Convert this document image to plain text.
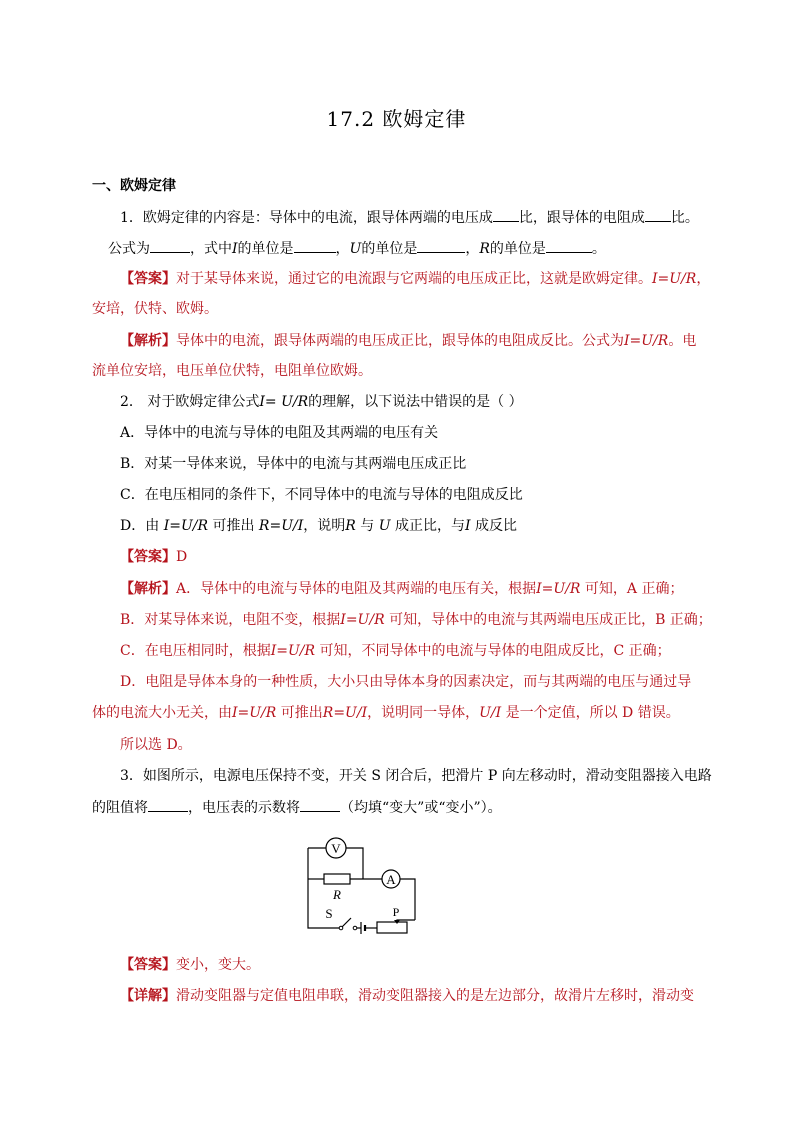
17.2 欧姆定律
一、欧姆定律
1．欧姆定律的内容是：导体中的电流，跟导体两端的电压成 比，跟导体的电阻成 比。
公式为	，式中I的单位是	，U的单位是	，R的单位是	。
【答案】对于某导体来说，通过它的电流跟与它两端的电压成正比，这就是欧姆定律。I=U/R，
安培，伏特、欧姆。
【解析】导体中的电流，跟导体两端的电压成正比，跟导体的电阻成反比。公式为I=U/R。电
流单位安培，电压单位伏特，电阻单位欧姆。
2． 对于欧姆定律公式I= U/R的理解，以下说法中错误的是（ ）
A．导体中的电流与导体的电阻及其两端的电压有关
B．对某一导体来说，导体中的电流与其两端电压成正比
C．在电压相同的条件下，不同导体中的电流与导体的电阻成反比
D．由 I=U/R 可推出 R=U/I，说明R 与 U 成正比，与I 成反比
【答案】D
【解析】A．导体中的电流与导体的电阻及其两端的电压有关，根据I=U/R 可知，A 正确；
B．对某导体来说，电阻不变，根据I=U/R 可知，导体中的电流与其两端电压成正比，B 正确；
C．在电压相同时，根据I=U/R 可知，不同导体中的电流与导体的电阻成反比，C 正确；
D．电阻是导体本身的一种性质，大小只由导体本身的因素决定，而与其两端的电压与通过导
体的电流大小无关，由I=U/R 可推出R=U/I，说明同一导体，U/I 是一个定值，所以 D 错误。
所以选 D。
3．如图所示，电源电压保持不变，开关 S 闭合后，把滑片 P 向左移动时，滑动变阻器接入电路
的阻值将	，电压表的示数将	（均填“变大”或“变小”）。
V
A
R
S	P
【答案】变小，变大。
【详解】滑动变阻器与定值电阻串联，滑动变阻器接入的是左边部分，故滑片左移时，滑动变
